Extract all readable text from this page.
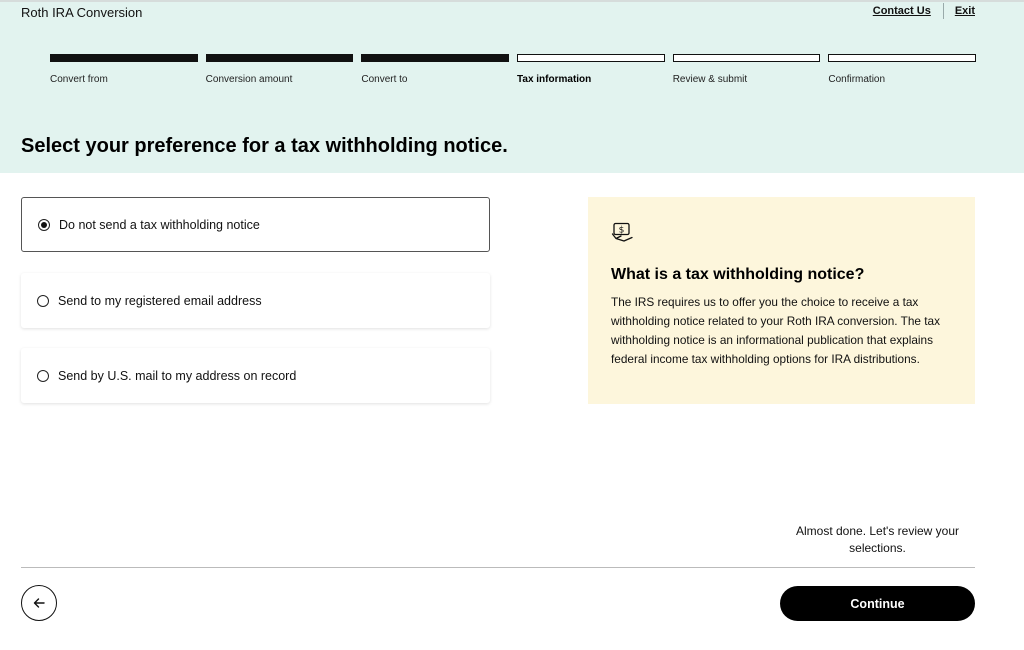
Roth IRA Conversion	Contact Us Exit
Convert from	Conversion amount	Convert to	Tax information	Review & submit	Confirmation
Select your preference for a tax withholding notice.
Do not send a tax withholding notice
Send to my registered email address
Send by U.S. mail to my address on record
$
What is a tax withholding notice?
The IRS requires us to offer you the choice to receive a tax withholding notice related to your Roth IRA conversion. The tax withholding notice is an informational publication that explains federal income tax withholding options for IRA distributions.
Almost done. Let's review your selections.
Continue
